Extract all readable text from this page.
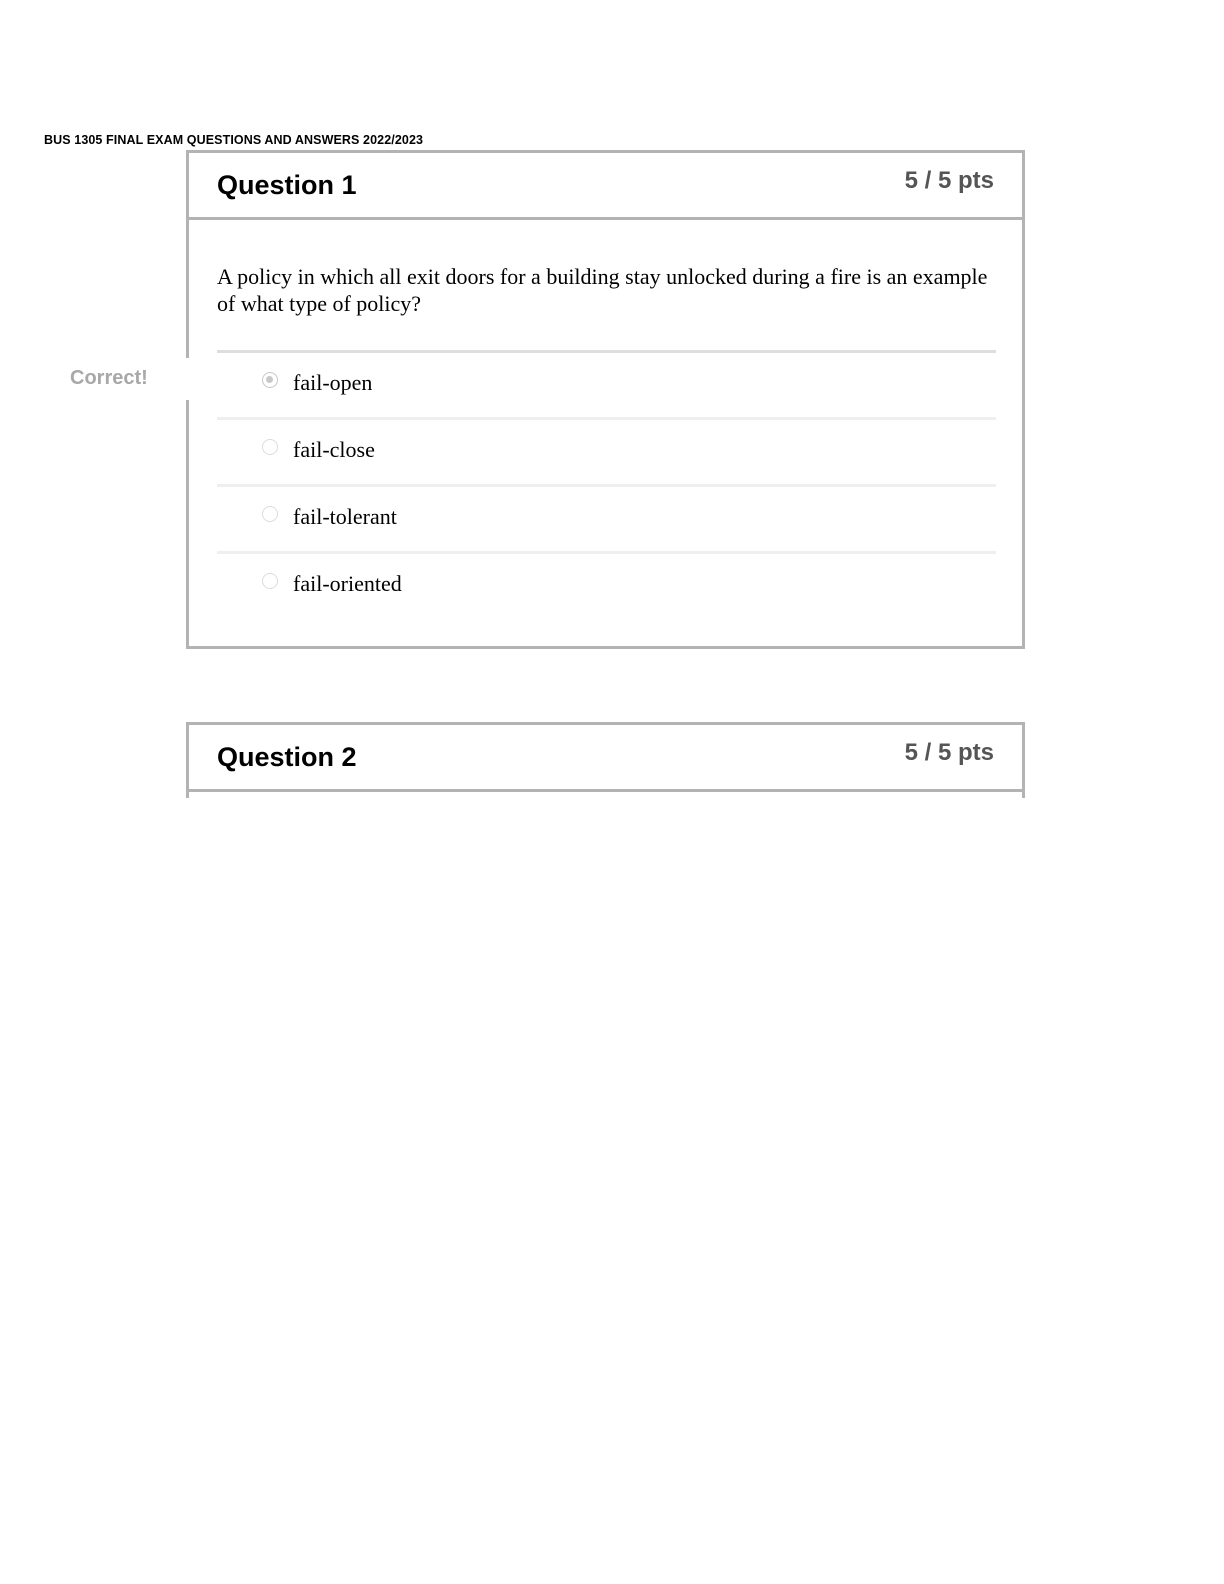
BUS 1305 FINAL EXAM QUESTIONS AND ANSWERS 2022/2023
Correct!
Question 1	5 / 5 pts
A policy in which all exit doors for a building stay unlocked during a fire is an example of what type of policy?
fail-open
fail-close
fail-tolerant
fail-oriented
Question 2	5 / 5 pts
